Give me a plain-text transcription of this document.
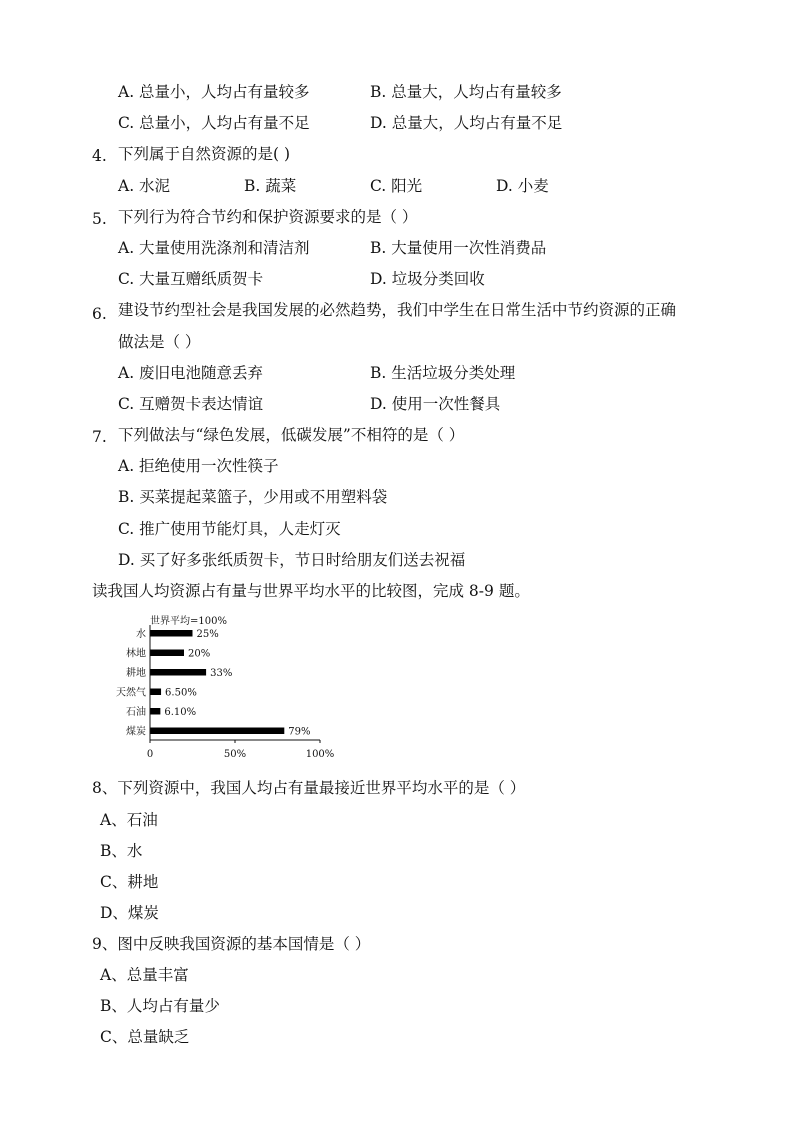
A. 总量小，人均占有量较多	B. 总量大，人均占有量较多
C. 总量小，人均占有量不足	D. 总量大，人均占有量不足
4. 下列属于自然资源的是( )
A. 水泥	B. 蔬菜	C. 阳光	D. 小麦
5. 下列行为符合节约和保护资源要求的是（ ）
A. 大量使用洗涤剂和清洁剂	B. 大量使用一次性消费品
C. 大量互赠纸质贺卡	D. 垃圾分类回收
6. 建设节约型社会是我国发展的必然趋势，我们中学生在日常生活中节约资源的正确
做法是（ ）
A. 废旧电池随意丢弃	B. 生活垃圾分类处理
C. 互赠贺卡表达情谊	D. 使用一次性餐具
7. 下列做法与“绿色发展，低碳发展”不相符的是（ ）
A. 拒绝使用一次性筷子
B. 买菜提起菜篮子，少用或不用塑料袋
C. 推广使用节能灯具，人走灯灭
D. 买了好多张纸质贺卡，节日时给朋友们送去祝福
读我国人均资源占有量与世界平均水平的比较图，完成 8-9 题。
世界平均=100%
水
林地
耕地
天然气
石油
煤炭
25%
20%
33%
6.50%
6.10%
79%
0	50%	100%
8、下列资源中，我国人均占有量最接近世界平均水平的是（ ）
A、石油
B、水
C、耕地
D、煤炭
9、图中反映我国资源的基本国情是（ ）
A、总量丰富
B、人均占有量少
C、总量缺乏
